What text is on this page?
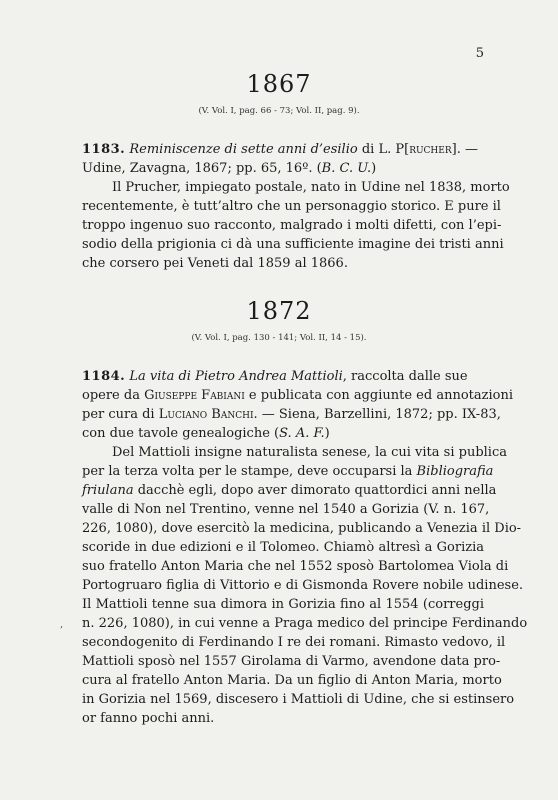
5
1867
(V. Vol. I, pag. 66 - 73; Vol. II, pag. 9).
1183. Reminiscenze di sette anni d’esilio di L. P[rucher]. —
Udine, Zavagna, 1867; pp. 65, 16º. (B. C. U.)
Il Prucher, impiegato postale, nato in Udine nel 1838, morto
recentemente, è tutt’altro che un personaggio storico. E pure il
troppo ingenuo suo racconto, malgrado i molti difetti, con l’epi-
sodio della prigionia ci dà una sufficiente imagine dei tristi anni
che corsero pei Veneti dal 1859 al 1866.
1872
(V. Vol. I, pag. 130 - 141; Vol. II, 14 - 15).
1184. La vita di Pietro Andrea Mattioli, raccolta dalle sue
opere da Giuseppe Fabiani e publicata con aggiunte ed annotazioni
per cura di Luciano Banchi. — Siena, Barzellini, 1872; pp. IX-83,
con due tavole genealogiche (S. A. F.)
Del Mattioli insigne naturalista senese, la cui vita si publica
per la terza volta per le stampe, deve occuparsi la Bibliografia
friulana dacchè egli, dopo aver dimorato quattordici anni nella
valle di Non nel Trentino, venne nel 1540 a Gorizia (V. n. 167,
226, 1080), dove esercitò la medicina, publicando a Venezia il Dio-
scoride in due edizioni e il Tolomeo. Chiamò altresì a Gorizia
suo fratello Anton Maria che nel 1552 sposò Bartolomea Viola di
Portogruaro figlia di Vittorio e di Gismonda Rovere nobile udinese.
Il Mattioli tenne sua dimora in Gorizia fino al 1554 (correggi
n. 226, 1080), in cui venne a Praga medico del principe Ferdinando
secondogenito di Ferdinando I re dei romani. Rimasto vedovo, il
Mattioli sposò nel 1557 Girolama di Varmo, avendone data pro-
cura al fratello Anton Maria. Da un figlio di Anton Maria, morto
in Gorizia nel 1569, discesero i Mattioli di Udine, che si estinsero
or fanno pochi anni.
,
